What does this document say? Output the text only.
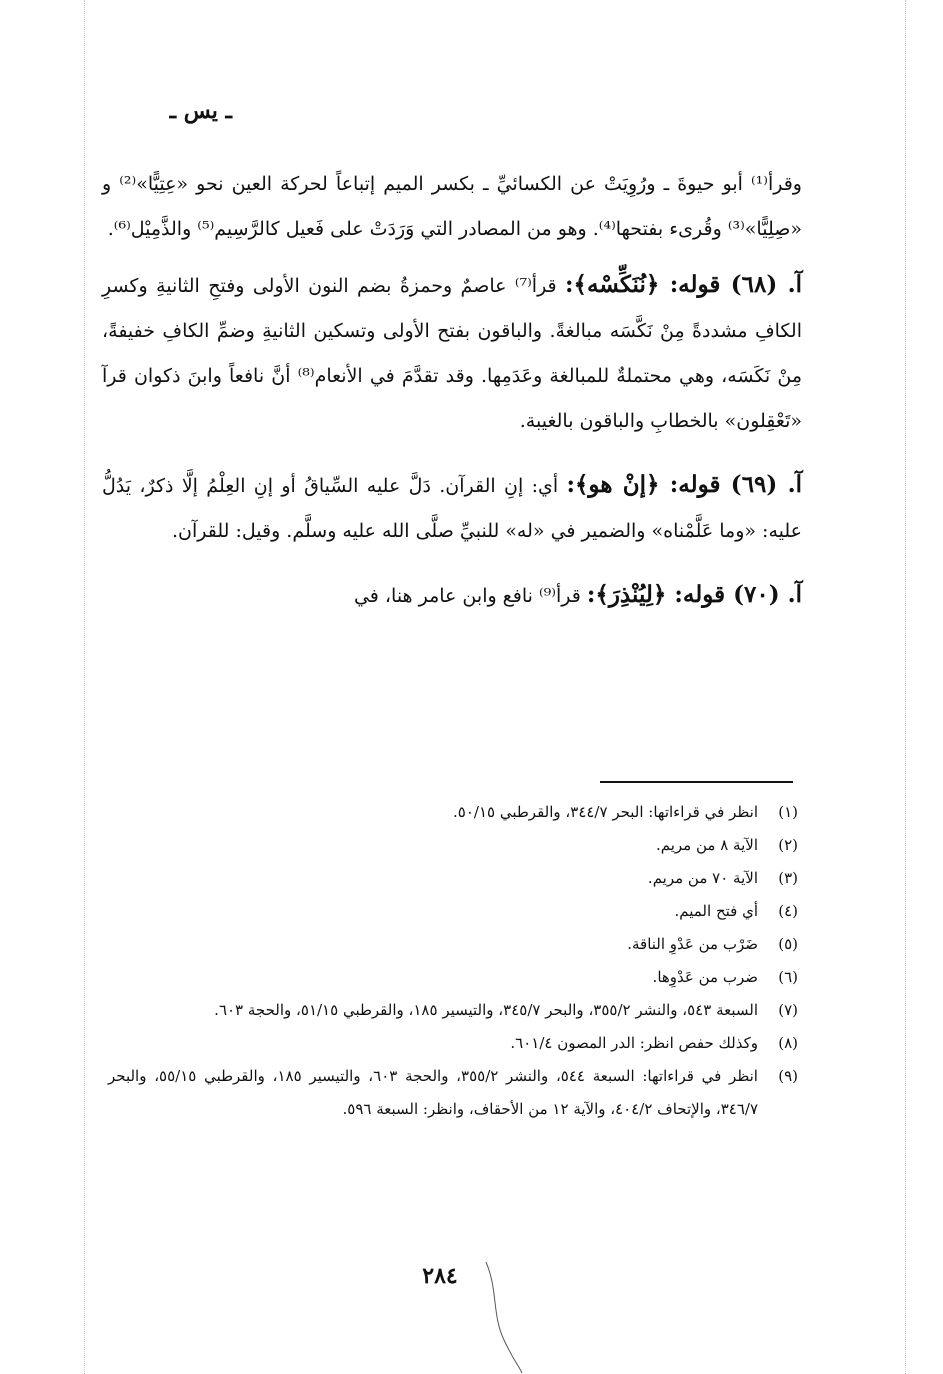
ـ يس ـ

وقرأ⁽¹⁾ أبو حيوةَ ـ ورُوِيَتْ عن الكسائيِّ ـ بكسر الميم إتباعاً لحركة العين نحو «عِتِيًّا»⁽²⁾ و «صِلِيًّا»⁽³⁾ وقُرىء بفتحها⁽⁴⁾. وهو من المصادر التي وَرَدَتْ على فَعيل كالرَّسِيم⁽⁵⁾ والذَّمِيْل⁽⁶⁾.

آ. (٦٨) قوله: ﴿نُنَكِّسْه﴾: قرأ⁽⁷⁾ عاصمٌ وحمزةُ بضم النون الأولى وفتحِ الثانيةِ وكسرِ الكافِ مشددةً مِنْ نَكَّسَه مبالغةً. والباقون بفتح الأولى وتسكين الثانيةِ وضمِّ الكافِ خفيفةً، مِنْ نَكَسَه، وهي محتملةٌ للمبالغة وعَدَمِها. وقد تقدَّمَ في الأنعام⁽⁸⁾ أنَّ نافعاً وابنَ ذكوان قرآ «تَعْقِلون» بالخطابِ والباقون بالغيبة.

آ. (٦٩) قوله: ﴿إنْ هو﴾: أي: إنِ القرآن. دَلَّ عليه السِّياقُ أو إنِ العِلْمُ إلَّا ذكرٌ، يَدُلُّ عليه: «وما عَلَّمْناه» والضمير في «له» للنبيِّ صلَّى الله عليه وسلَّم. وقيل: للقرآن.

آ. (٧٠) قوله: ﴿لِيُنْذِرَ﴾: قرأ⁽⁹⁾ نافع وابن عامر هنا، في

(١)
انظر في قراءاتها: البحر ٣٤٤/٧، والقرطبي ٥٠/١٥.
(٢)
الآية ٨ من مريم.
(٣)
الآية ٧٠ من مريم.
(٤)
أي فتح الميم.
(٥)
ضَرْب من عَدْوِ الناقة.
(٦)
ضرب من عَدْوِها.
(٧)
السبعة ٥٤٣، والنشر ٣٥٥/٢، والبحر ٣٤٥/٧، والتيسير ١٨٥، والقرطبي ٥١/١٥، والحجة ٦٠٣.
(٨)
وكذلك حفص انظر: الدر المصون ٦٠١/٤.
(٩)
انظر في قراءاتها: السبعة ٥٤٤، والنشر ٣٥٥/٢، والحجة ٦٠٣، والتيسير ١٨٥، والقرطبي ٥٥/١٥، والبحر ٣٤٦/٧، والإتحاف ٤٠٤/٢، والآية ١٢ من الأحقاف، وانظر: السبعة ٥٩٦.
٢٨٤
